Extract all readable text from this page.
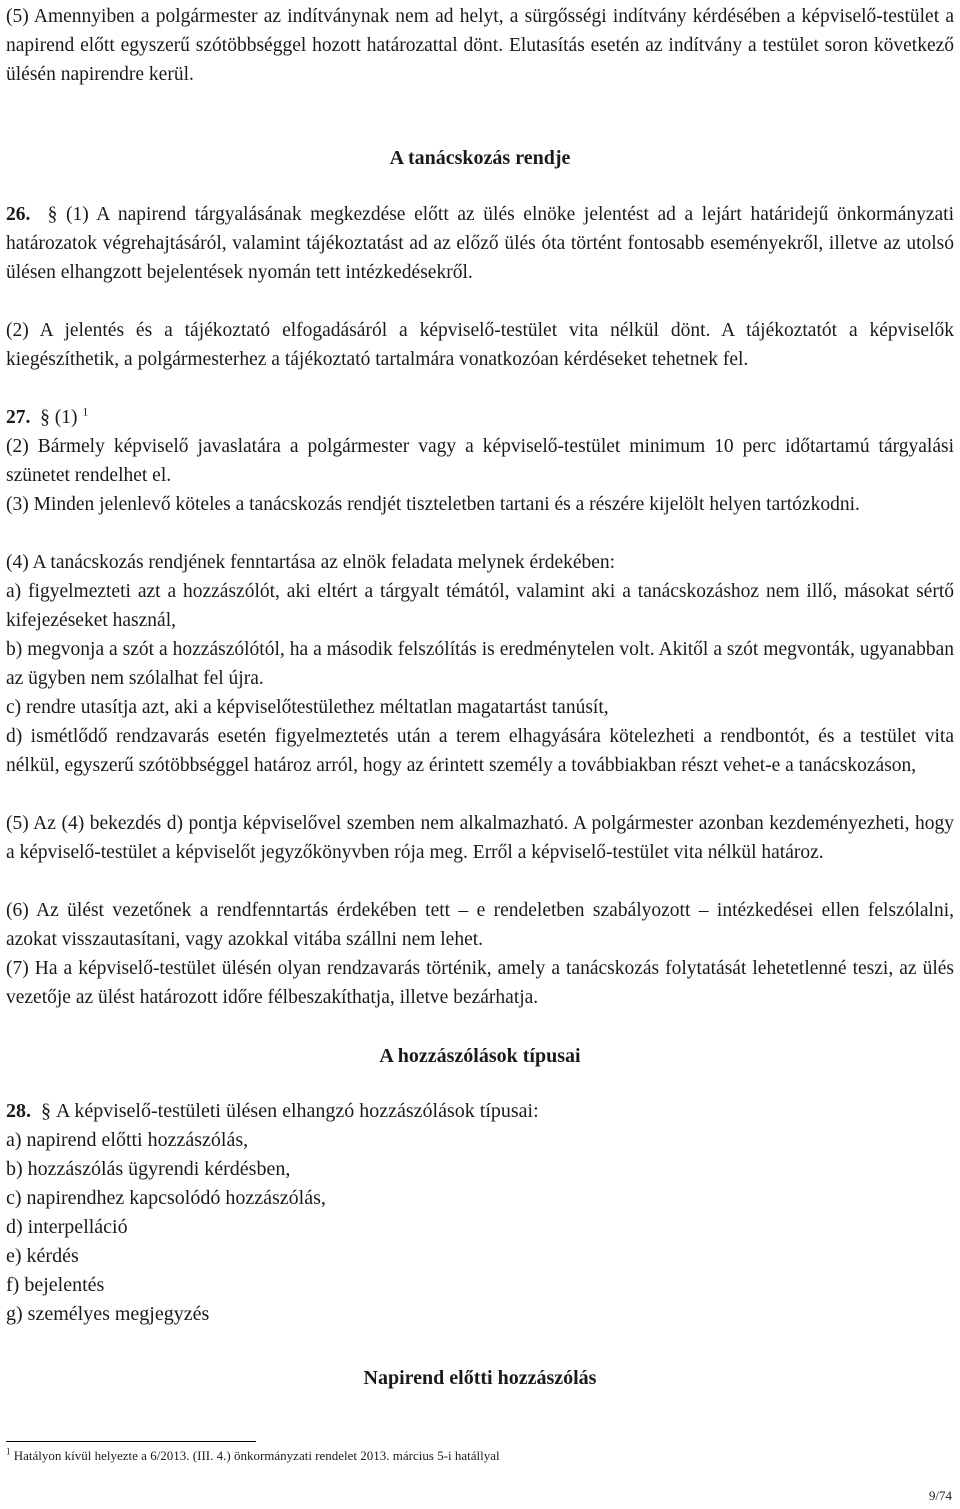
(5) Amennyiben a polgármester az indítványnak nem ad helyt, a sürgősségi indítvány kérdésében a képviselő-testület a napirend előtt egyszerű szótöbbséggel hozott határozattal dönt. Elutasítás esetén az indítvány a testület soron következő ülésén napirendre kerül.

A tanácskozás rendje

26.  § (1) A napirend tárgyalásának megkezdése előtt az ülés elnöke jelentést ad a lejárt határidejű önkormányzati határozatok végrehajtásáról, valamint tájékoztatást ad az előző ülés óta történt fontosabb eseményekről, illetve az utolsó ülésen elhangzott bejelentések nyomán tett intézkedésekről.

(2) A jelentés és a tájékoztató elfogadásáról a képviselő-testület vita nélkül dönt. A tájékoztatót a képviselők kiegészíthetik, a polgármesterhez a tájékoztató tartalmára vonatkozóan kérdéseket tehetnek fel.

27.  § (1) $^1$

(2) Bármely képviselő javaslatára a polgármester vagy a képviselő-testület minimum 10 perc időtartamú tárgyalási szünetet rendelhet el.

(3) Minden jelenlevő köteles a tanácskozás rendjét tiszteletben tartani és a részére kijelölt helyen tartózkodni.

(4) A tanácskozás rendjének fenntartása az elnök feladata melynek érdekében:

a) figyelmezteti azt a hozzászólót, aki eltért a tárgyalt témától, valamint aki a tanácskozáshoz nem illő, másokat sértő kifejezéseket használ,

b) megvonja a szót a hozzászólótól, ha a második felszólítás is eredménytelen volt. Akitől a szót megvonták, ugyanabban az ügyben nem szólalhat fel újra.

c) rendre utasítja azt, aki a képviselőtestülethez méltatlan magatartást tanúsít,

d) ismétlődő rendzavarás esetén figyelmeztetés után a terem elhagyására kötelezheti a rendbontót, és a testület vita nélkül, egyszerű szótöbbséggel határoz arról, hogy az érintett személy a továbbiakban részt vehet-e a tanácskozáson,

(5) Az (4) bekezdés d) pontja képviselővel szemben nem alkalmazható. A polgármester azonban kezdeményezheti, hogy a képviselő-testület a képviselőt jegyzőkönyvben rója meg. Erről a képviselő-testület vita nélkül határoz.

(6) Az ülést vezetőnek a rendfenntartás érdekében tett – e rendeletben szabályozott – intézkedései ellen felszólalni, azokat visszautasítani, vagy azokkal vitába szállni nem lehet.

(7) Ha a képviselő-testület ülésén olyan rendzavarás történik, amely a tanácskozás folytatását lehetetlenné teszi, az ülés vezetője az ülést határozott időre félbeszakíthatja, illetve bezárhatja.

A hozzászólások típusai

28.  § A képviselő-testületi ülésen elhangzó hozzászólások típusai:

a) napirend előtti hozzászólás,

b) hozzászólás ügyrendi kérdésben,

c) napirendhez kapcsolódó hozzászólás,

d) interpelláció

e) kérdés

f) bejelentés

g) személyes megjegyzés

Napirend előtti hozzászólás
$^1$ Hatályon kívül helyezte a 6/2013. (III. 4.) önkormányzati rendelet 2013. március 5-i hatállyal
9/74
